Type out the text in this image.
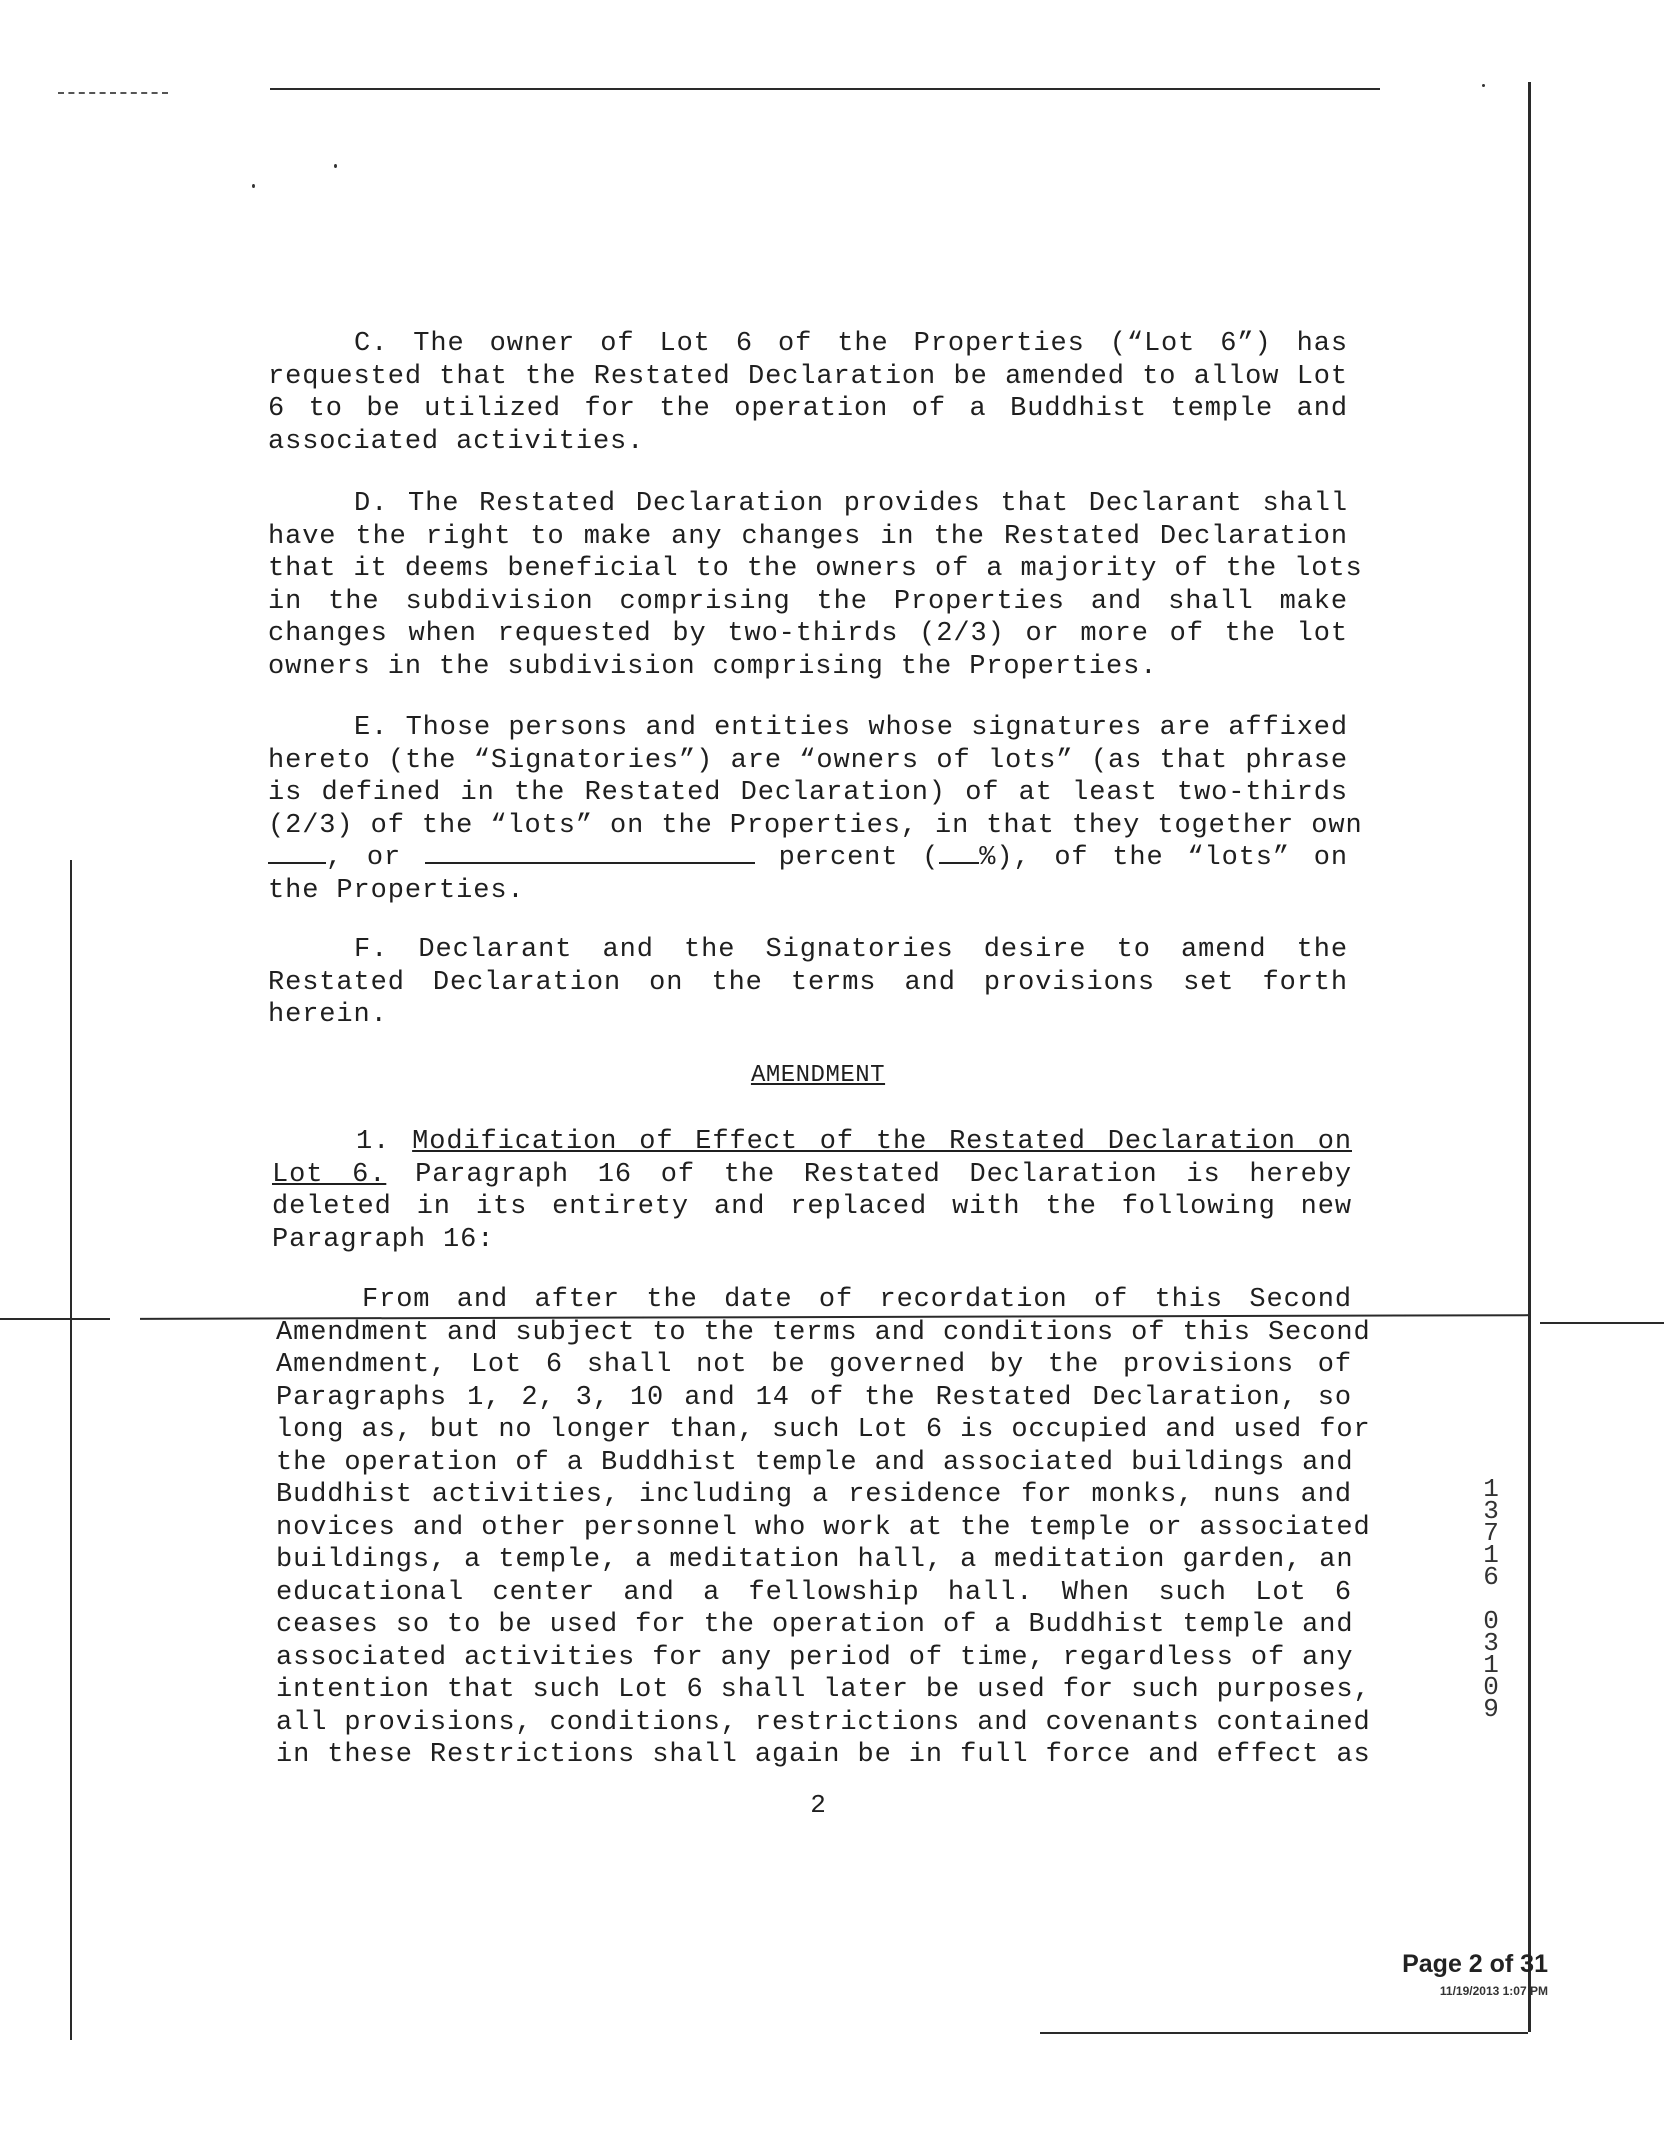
C. The owner of Lot 6 of the Properties (“Lot 6”) has
requested that the Restated Declaration be amended to allow Lot
6 to be utilized for the operation of a Buddhist temple and
associated activities.
D. The Restated Declaration provides that Declarant shall
have the right to make any changes in the Restated Declaration
that it deems beneficial to the owners of a majority of the lots
in the subdivision comprising the Properties and shall make
changes when requested by two-thirds (2/3) or more of the lot
owners in the subdivision comprising the Properties.
E. Those persons and entities whose signatures are affixed
hereto (the “Signatories”) are “owners of lots” (as that phrase
is defined in the Restated Declaration) of at least two-thirds
(2/3) of the “lots” on the Properties, in that they together own
, or	percent ( %), of the “lots” on
the Properties.
F. Declarant and the Signatories desire to amend the
Restated Declaration on the terms and provisions set forth
herein.
AMENDMENT
1. Modification of Effect of the Restated Declaration on
Lot 6. Paragraph 16 of the Restated Declaration is hereby
deleted in its entirety and replaced with the following new
Paragraph 16:
From and after the date of recordation of this Second
Amendment and subject to the terms and conditions of this Second
Amendment, Lot 6 shall not be governed by the provisions of
Paragraphs 1, 2, 3, 10 and 14 of the Restated Declaration, so
long as, but no longer than, such Lot 6 is occupied and used for
the operation of a Buddhist temple and associated buildings and
Buddhist activities, including a residence for monks, nuns and
novices and other personnel who work at the temple or associated
buildings, a temple, a meditation hall, a meditation garden, an
educational center and a fellowship hall. When such Lot 6
ceases so to be used for the operation of a Buddhist temple and
associated activities for any period of time, regardless of any
intention that such Lot 6 shall later be used for such purposes,
all provisions, conditions, restrictions and covenants contained
in these Restrictions shall again be in full force and effect as
1
3
7
1
6
0
3
1
0
9
2
Page 2 of 31
11/19/2013 1:07 PM
